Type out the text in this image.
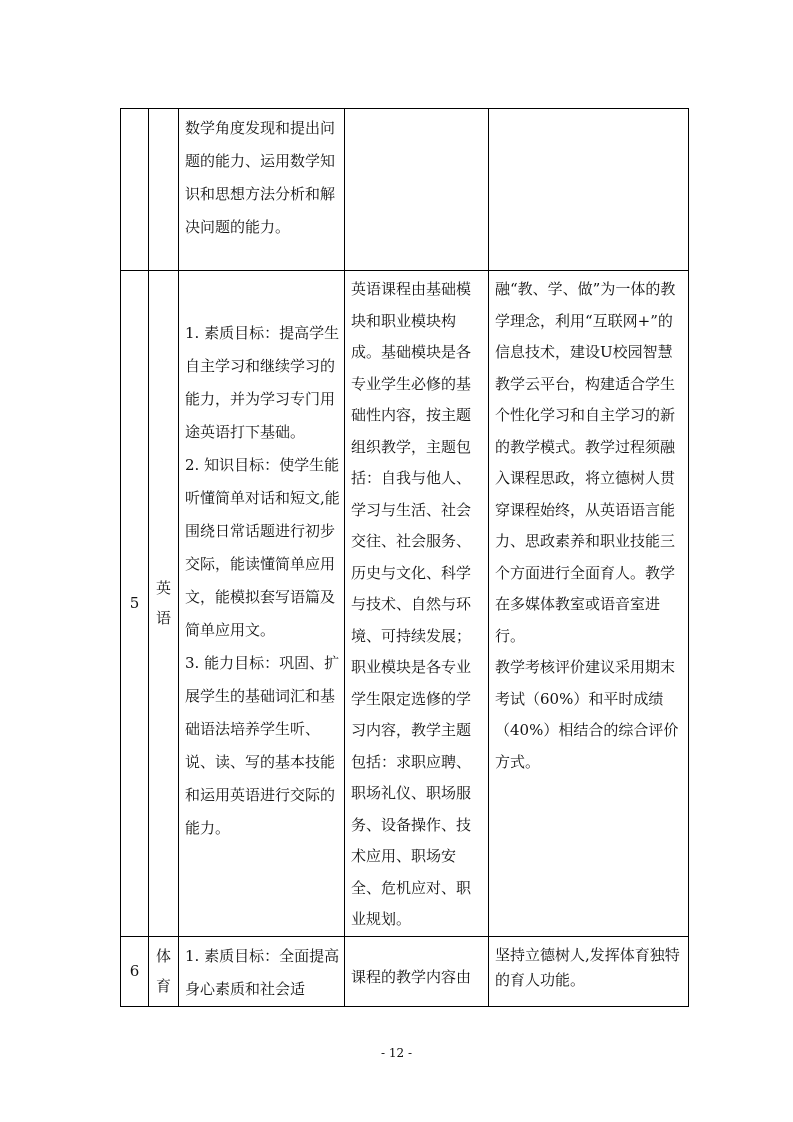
		数学角度发现和提出问题的能力、运用数学知识和思想方法分析和解决问题的能力。		

5	英语	1. 素质目标：提高学生自主学习和继续学习的能力，并为学习专门用途英语打下基础。
2. 知识目标：使学生能听懂简单对话和短文,能围绕日常话题进行初步交际，能读懂简单应用文，能模拟套写语篇及简单应用文。
3. 能力目标：巩固、扩展学生的基础词汇和基础语法培养学生听、说、读、写的基本技能和运用英语进行交际的能力。	英语课程由基础模块和职业模块构成。基础模块是各专业学生必修的基础性内容，按主题组织教学，主题包括：自我与他人、学习与生活、社会交往、社会服务、历史与文化、科学与技术、自然与环境、可持续发展；职业模块是各专业学生限定选修的学习内容，教学主题包括：求职应聘、职场礼仪、职场服务、设备操作、技术应用、职场安全、危机应对、职业规划。	融“教、学、做”为一体的教学理念，利用“互联网+”的信息技术，建设U校园智慧教学云平台，构建适合学生个性化学习和自主学习的新的教学模式。教学过程须融入课程思政，将立德树人贯穿课程始终，从英语语言能力、思政素养和职业技能三个方面进行全面育人。教学在多媒体教室或语音室进行。
教学考核评价建议采用期末考试（60%）和平时成绩（40%）相结合的综合评价方式。

6	体育	1. 素质目标：全面提高身心素质和社会适	课程的教学内容由	坚持立德树人,发挥体育独特的育人功能。
- 12 -
